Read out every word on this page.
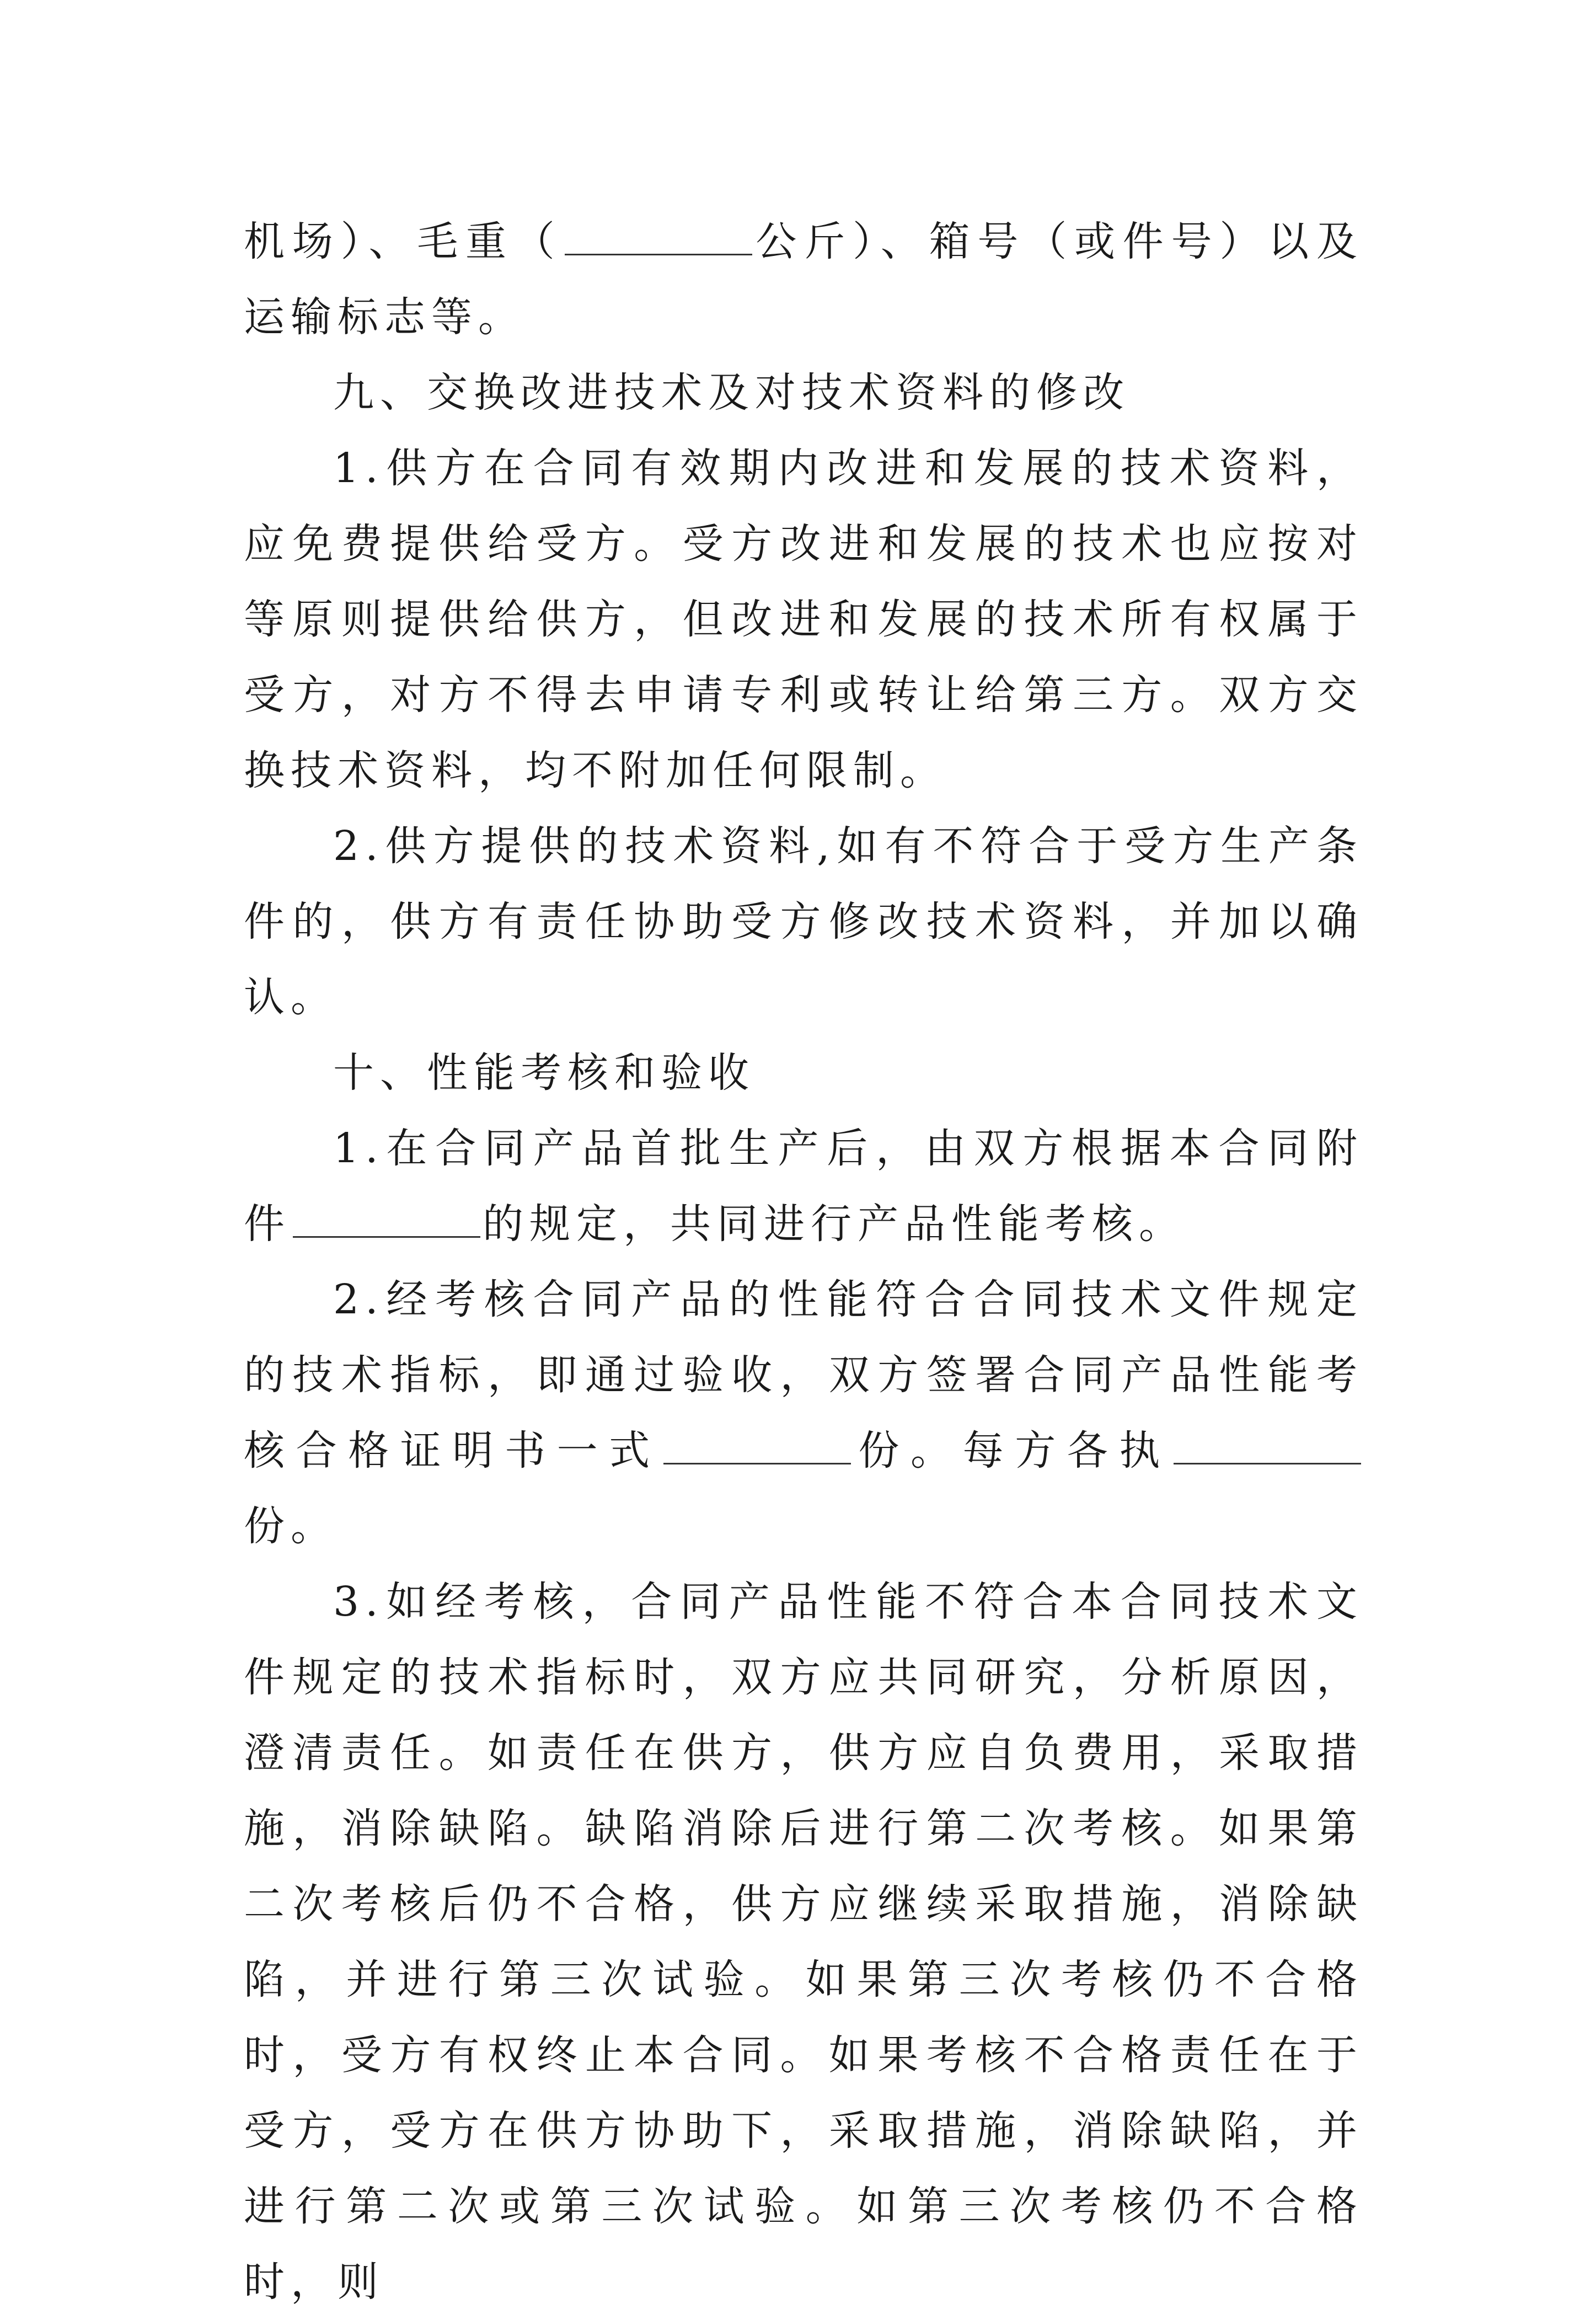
机场）、毛重（	公斤）、箱号（或件号）以及运输标志等。

九、交换改进技术及对技术资料的修改

1.供方在合同有效期内改进和发展的技术资料，应免费提供给受方。受方改进和发展的技术也应按对等原则提供给供方，但改进和发展的技术所有权属于受方，对方不得去申请专利或转让给第三方。双方交换技术资料，均不附加任何限制。

2.供方提供的技术资料,如有不符合于受方生产条件的，供方有责任协助受方修改技术资料，并加以确认。

十、性能考核和验收

1.在合同产品首批生产后，由双方根据本合同附件	的规定，共同进行产品性能考核。

2.经考核合同产品的性能符合合同技术文件规定的技术指标，即通过验收，双方签署合同产品性能考核合格证明书一式	份。每方各执份。

3.如经考核，合同产品性能不符合本合同技术文件规定的技术指标时，双方应共同研究，分析原因，澄清责任。如责任在供方，供方应自负费用，采取措施，消除缺陷。缺陷消除后进行第二次考核。如果第二次考核后仍不合格，供方应继续采取措施，消除缺陷，并进行第三次试验。如果第三次考核仍不合格时，受方有权终止本合同。如果考核不合格责任在于受方，受方在供方协助下，采取措施，消除缺陷，并进行第二次或第三次试验。如第三次考核仍不合格时，则
